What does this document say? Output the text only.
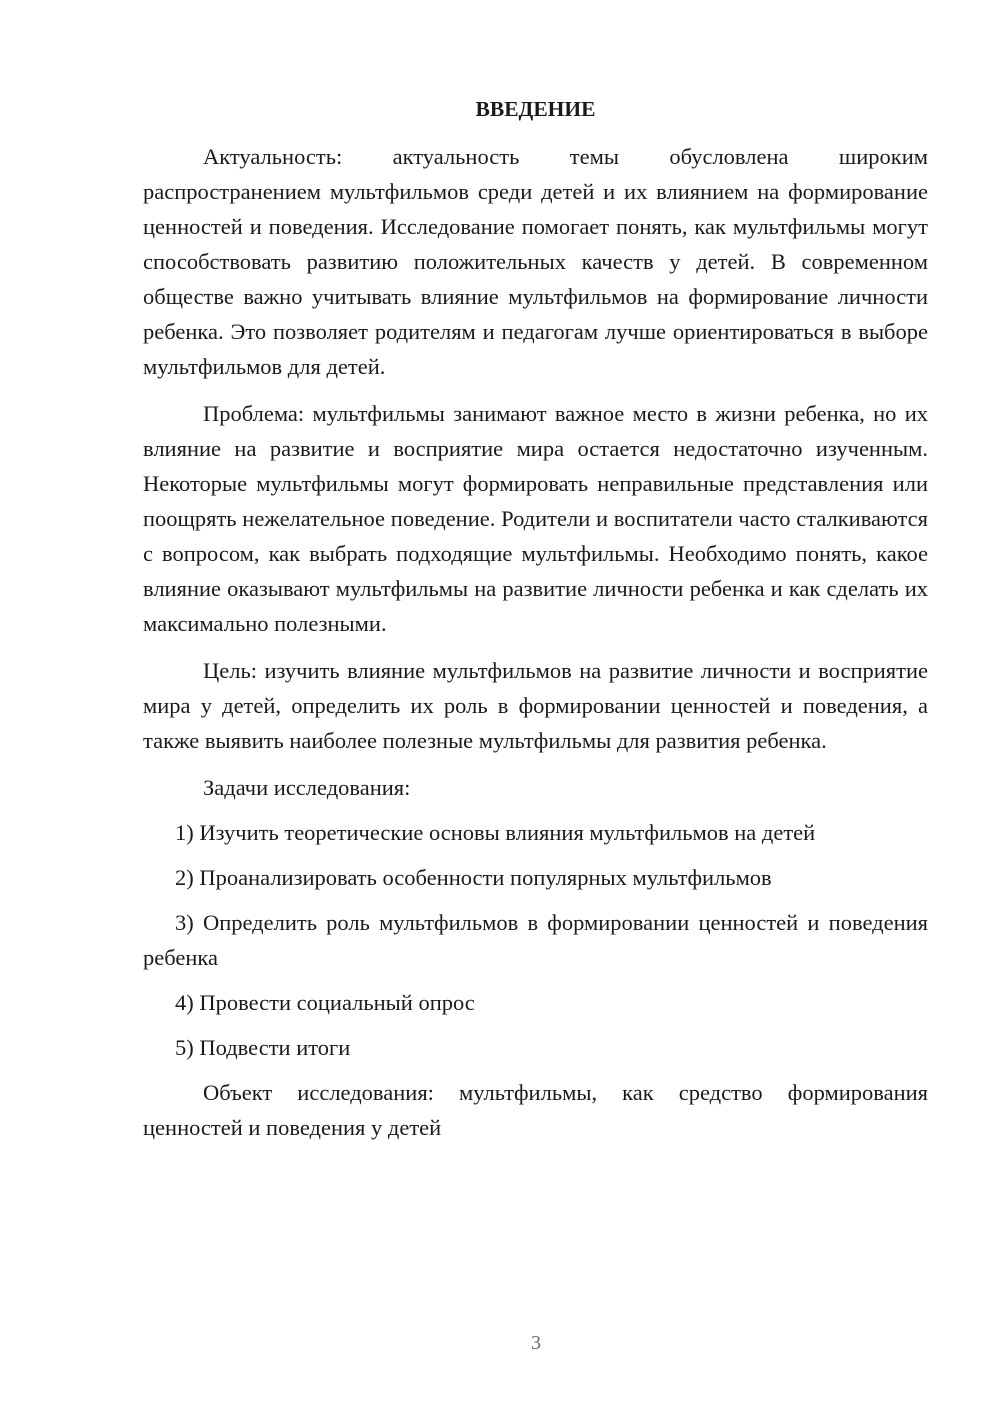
ВВЕДЕНИЕ

Актуальность: актуальность темы обусловлена широким распространением мультфильмов среди детей и их влиянием на формирование ценностей и поведения. Исследование помогает понять, как мультфильмы могут способствовать развитию положительных качеств у детей. В современном обществе важно учитывать влияние мультфильмов на формирование личности ребенка. Это позволяет родителям и педагогам лучше ориентироваться в выборе мультфильмов для детей.

Проблема: мультфильмы занимают важное место в жизни ребенка, но их влияние на развитие и восприятие мира остается недостаточно изученным. Некоторые мультфильмы могут формировать неправильные представления или поощрять нежелательное поведение. Родители и воспитатели часто сталкиваются с вопросом, как выбрать подходящие мультфильмы. Необходимо понять, какое влияние оказывают мультфильмы на развитие личности ребенка и как сделать их максимально полезными.

Цель: изучить влияние мультфильмов на развитие личности и восприятие мира у детей, определить их роль в формировании ценностей и поведения, а также выявить наиболее полезные мультфильмы для развития ребенка.

Задачи исследования:

1) Изучить теоретические основы влияния мультфильмов на детей

2) Проанализировать особенности популярных мультфильмов

3) Определить роль мультфильмов в формировании ценностей и поведения ребенка

4) Провести социальный опрос

5) Подвести итоги

Объект исследования: мультфильмы, как средство формирования ценностей и поведения у детей

3
